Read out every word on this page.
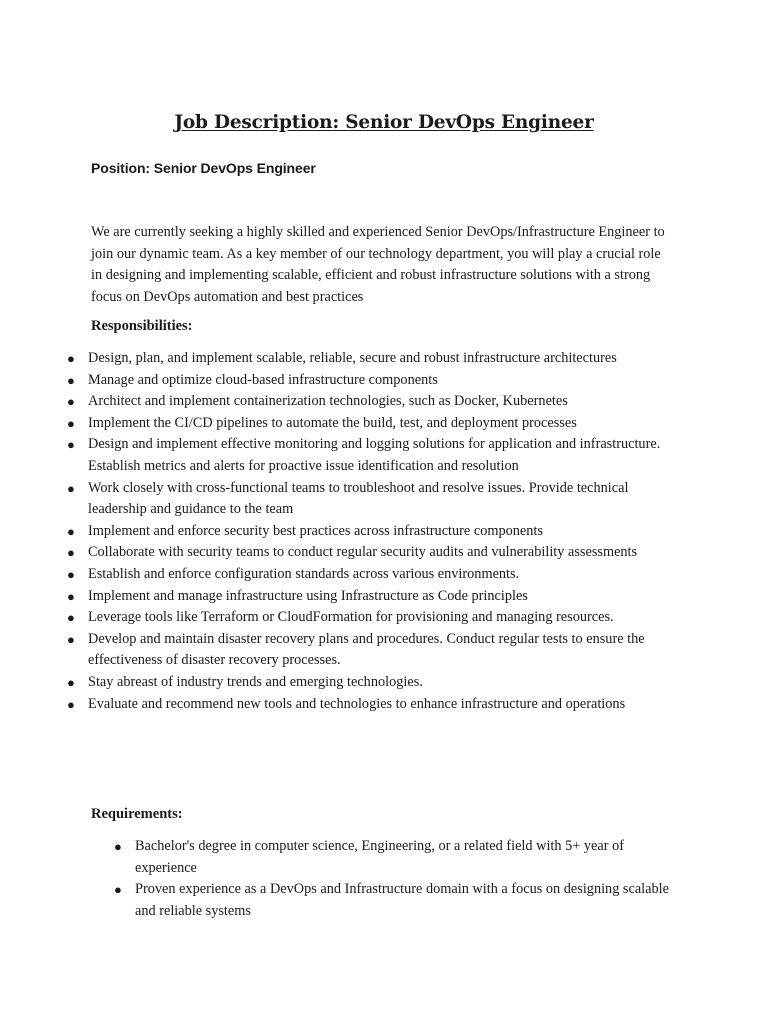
Job Description: Senior DevOps Engineer
Position: Senior DevOps Engineer

We are currently seeking a highly skilled and experienced Senior DevOps/Infrastructure Engineer to join our dynamic team. As a key member of our technology department, you will play a crucial role in designing and implementing scalable, efficient and robust infrastructure solutions with a strong focus on DevOps automation and best practices

Responsibilities:
● Design, plan, and implement scalable, reliable, secure and robust infrastructure architectures
● Manage and optimize cloud-based infrastructure components
● Architect and implement containerization technologies, such as Docker, Kubernetes
● Implement the CI/CD pipelines to automate the build, test, and deployment processes
● Design and implement effective monitoring and logging solutions for application and infrastructure. Establish metrics and alerts for proactive issue identification and resolution
● Work closely with cross-functional teams to troubleshoot and resolve issues. Provide technical leadership and guidance to the team
● Implement and enforce security best practices across infrastructure components
● Collaborate with security teams to conduct regular security audits and vulnerability assessments
● Establish and enforce configuration standards across various environments.
● Implement and manage infrastructure using Infrastructure as Code principles
● Leverage tools like Terraform or CloudFormation for provisioning and managing resources.
● Develop and maintain disaster recovery plans and procedures. Conduct regular tests to ensure the effectiveness of disaster recovery processes.
● Stay abreast of industry trends and emerging technologies.
● Evaluate and recommend new tools and technologies to enhance infrastructure and operations
Requirements:
● Bachelor's degree in computer science, Engineering, or a related field with 5+ year of experience
● Proven experience as a DevOps and Infrastructure domain with a focus on designing scalable and reliable systems
